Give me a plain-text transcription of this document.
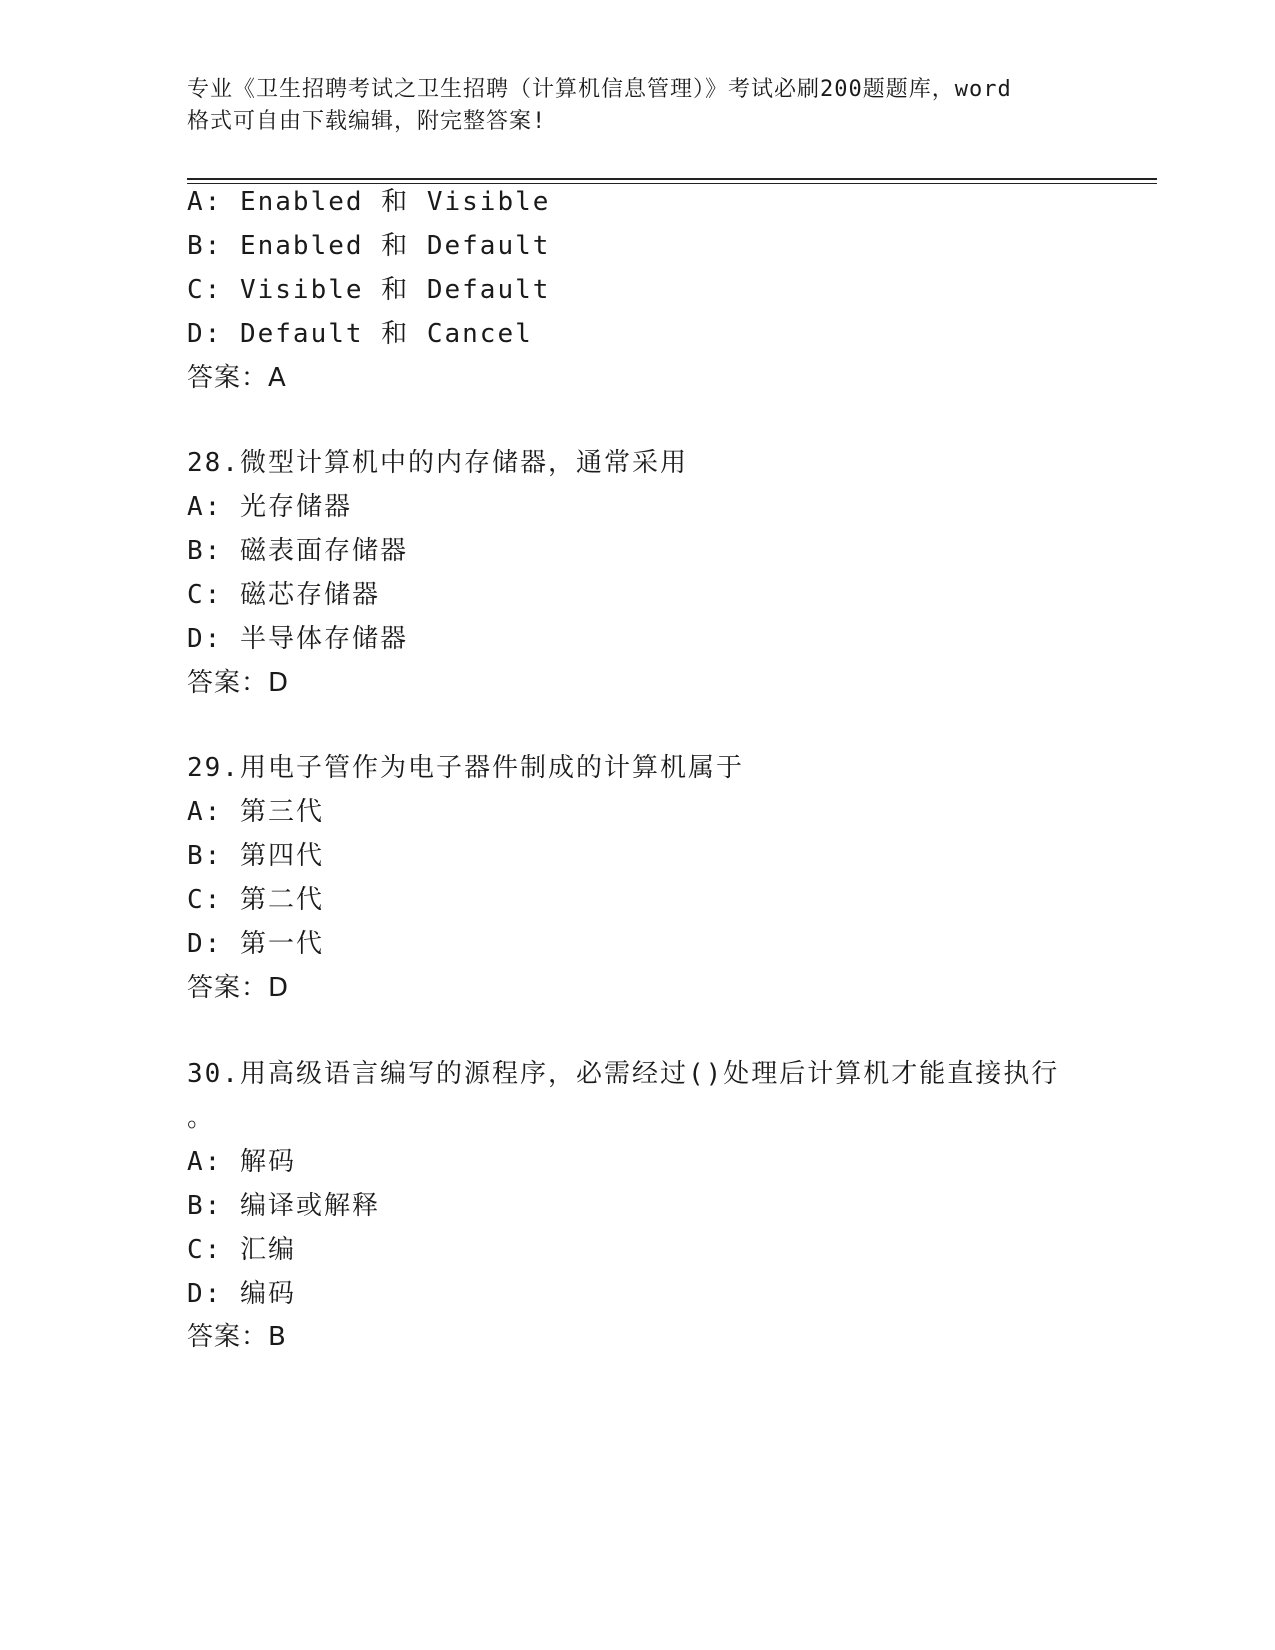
专业《卫生招聘考试之卫生招聘（计算机信息管理）》考试必刷200题题库，word
格式可自由下载编辑，附完整答案!
A: Enabled 和 Visible
B: Enabled 和 Default
C: Visible 和 Default
D: Default 和 Cancel
答案：A
28.微型计算机中的内存储器，通常采用
A: 光存储器
B: 磁表面存储器
C: 磁芯存储器
D: 半导体存储器
答案：D
29.用电子管作为电子器件制成的计算机属于
A: 第三代
B: 第四代
C: 第二代
D: 第一代
答案：D
30.用高级语言编写的源程序，必需经过()处理后计算机才能直接执行
。
A: 解码
B: 编译或解释
C: 汇编
D: 编码
答案：B
